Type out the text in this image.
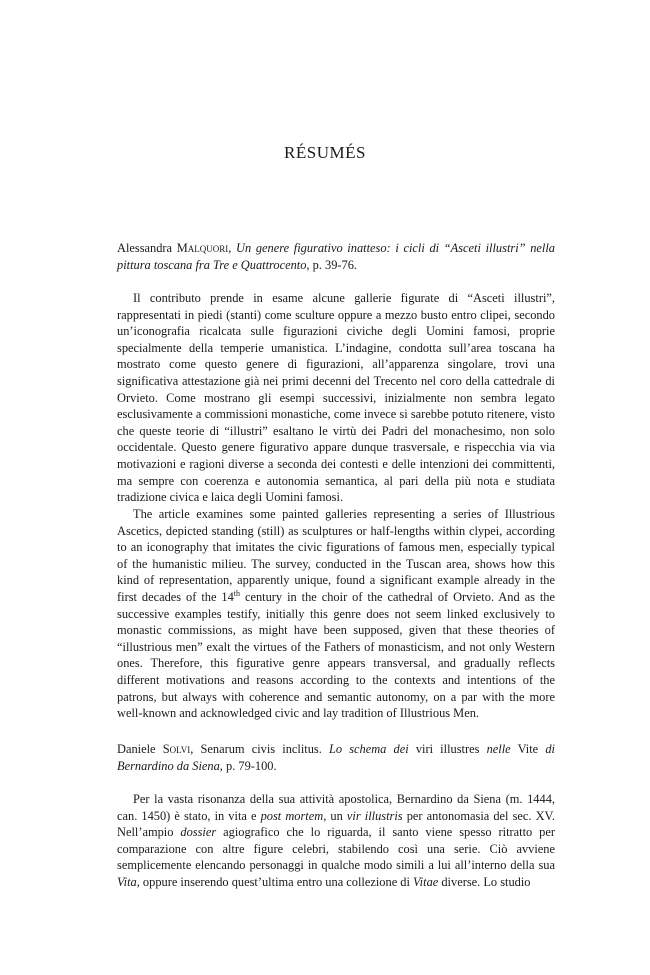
RÉSUMÉS

Alessandra Malquori, Un genere figurativo inatteso: i cicli di “Asceti illustri” nella pittura toscana fra Tre e Quattrocento, p. 39-76.

Il contributo prende in esame alcune gallerie figurate di “Asceti illustri”, rappresentati in piedi (stanti) come sculture oppure a mezzo busto entro clipei, secondo un’iconografia ricalcata sulle figurazioni civiche degli Uomini famosi, proprie specialmente della temperie umanistica. L’indagine, condotta sull’area toscana ha mostrato come questo genere di figurazioni, all’apparenza singolare, trovi una significativa attestazione già nei primi decenni del Trecento nel coro della cattedrale di Orvieto. Come mostrano gli esempi successivi, inizialmente non sembra legato esclusivamente a commissioni monastiche, come invece si sarebbe potuto ritenere, visto che queste teorie di “illustri” esaltano le virtù dei Padri del monachesimo, non solo occidentale. Questo genere figurativo appare dunque trasversale, e rispecchia via via motivazioni e ragioni diverse a seconda dei contesti e delle intenzioni dei committenti, ma sempre con coerenza e autonomia semantica, al pari della più nota e studiata tradizione civica e laica degli Uomini famosi.

The article examines some painted galleries representing a series of Illustrious Ascetics, depicted standing (still) as sculptures or half-lengths within clypei, according to an iconography that imitates the civic figurations of famous men, especially typical of the humanistic milieu. The survey, conducted in the Tuscan area, shows how this kind of representation, apparently unique, found a significant example already in the first decades of the 14th century in the choir of the cathedral of Orvieto. And as the successive examples testify, initially this genre does not seem linked exclusively to monastic commissions, as might have been supposed, given that these theories of “illustrious men” exalt the virtues of the Fathers of monasticism, and not only Western ones. Therefore, this figurative genre appears transversal, and gradually reflects different motivations and reasons according to the contexts and intentions of the patrons, but always with coherence and semantic autonomy, on a par with the more well-known and acknowledged civic and lay tradition of Illustrious Men.

Daniele Solvi, Senarum civis inclitus. Lo schema dei viri illustres nelle Vite di Bernardino da Siena, p. 79-100.

Per la vasta risonanza della sua attività apostolica, Bernardino da Siena (m. 1444, can. 1450) è stato, in vita e post mortem, un vir illustris per antonomasia del sec. XV. Nell’ampio dossier agiografico che lo riguarda, il santo viene spesso ritratto per comparazione con altre figure celebri, stabilendo così una serie. Ciò avviene semplicemente elencando personaggi in qualche modo simili a lui all’interno della sua Vita, oppure inserendo quest’ultima entro una collezione di Vitae diverse. Lo studio
